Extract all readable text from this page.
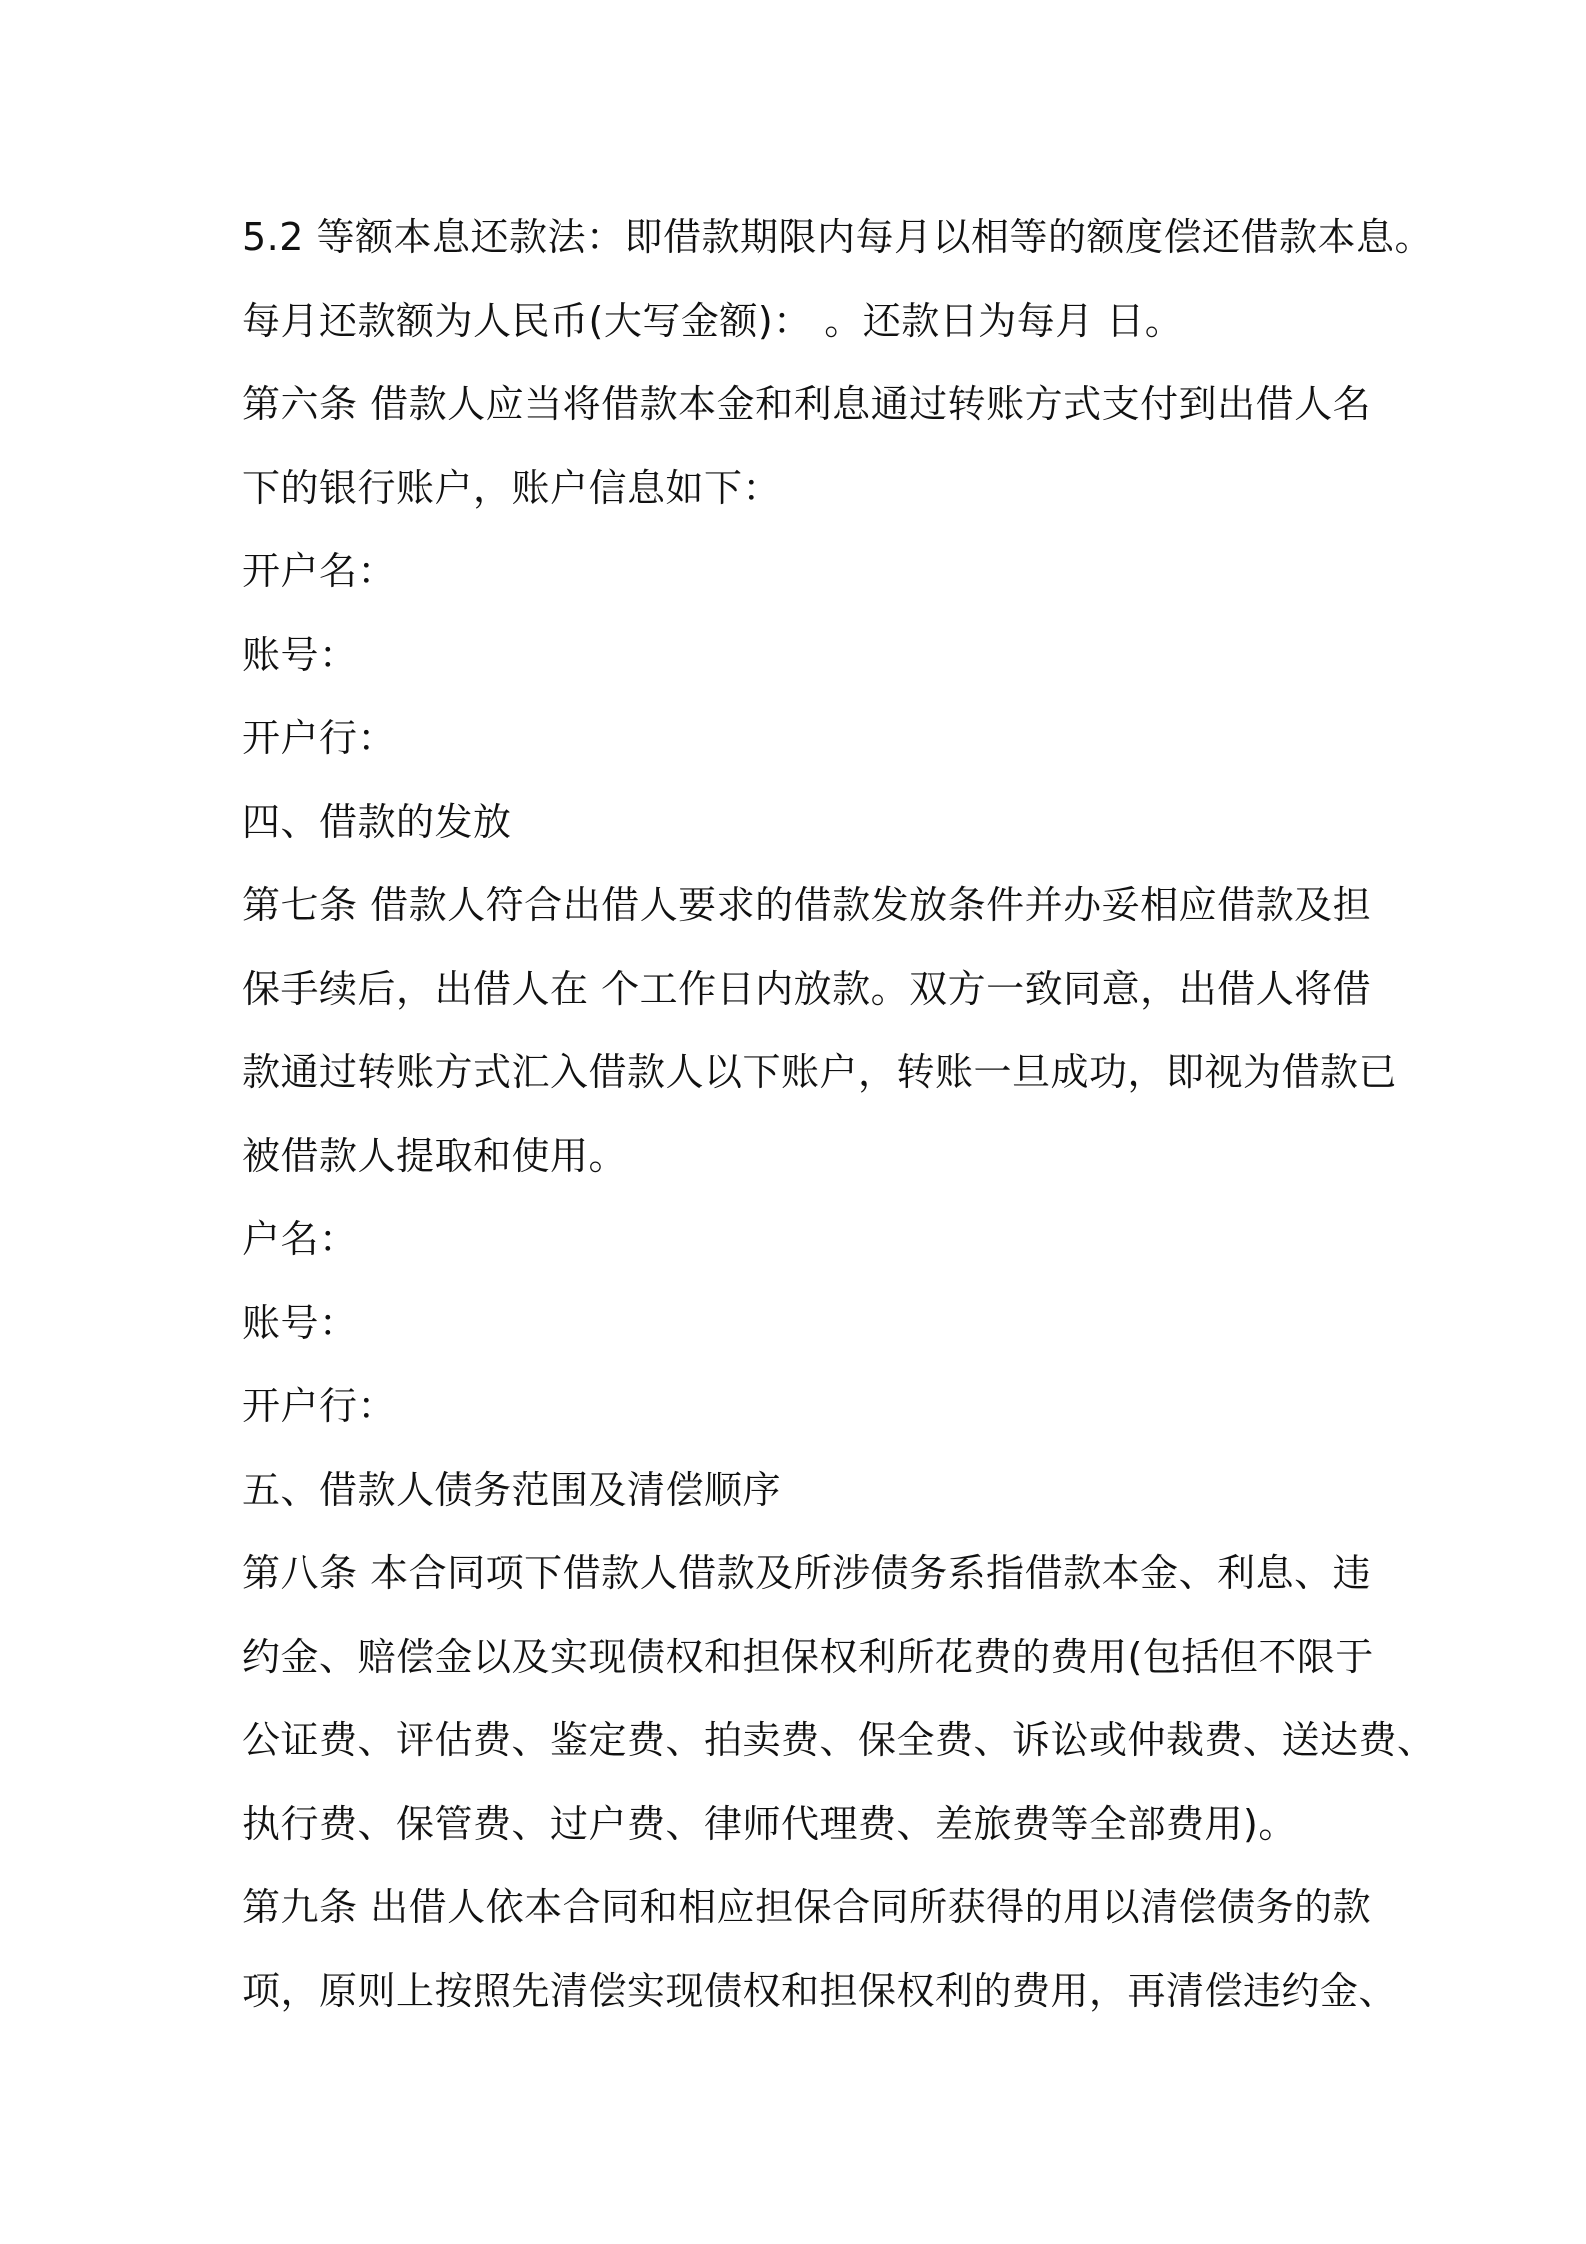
5.2 等额本息还款法：即借款期限内每月以相等的额度偿还借款本息。
每月还款额为人民币(大写金额)： 。还款日为每月 日。
第六条 借款人应当将借款本金和利息通过转账方式支付到出借人名
下的银行账户，账户信息如下：
开户名：
账号：
开户行：
四、借款的发放
第七条 借款人符合出借人要求的借款发放条件并办妥相应借款及担
保手续后，出借人在 个工作日内放款。双方一致同意，出借人将借
款通过转账方式汇入借款人以下账户，转账一旦成功，即视为借款已
被借款人提取和使用。
户名：
账号：
开户行：
五、借款人债务范围及清偿顺序
第八条 本合同项下借款人借款及所涉债务系指借款本金、利息、违
约金、赔偿金以及实现债权和担保权利所花费的费用(包括但不限于
公证费、评估费、鉴定费、拍卖费、保全费、诉讼或仲裁费、送达费、
执行费、保管费、过户费、律师代理费、差旅费等全部费用)。
第九条 出借人依本合同和相应担保合同所获得的用以清偿债务的款
项，原则上按照先清偿实现债权和担保权利的费用，再清偿违约金、
